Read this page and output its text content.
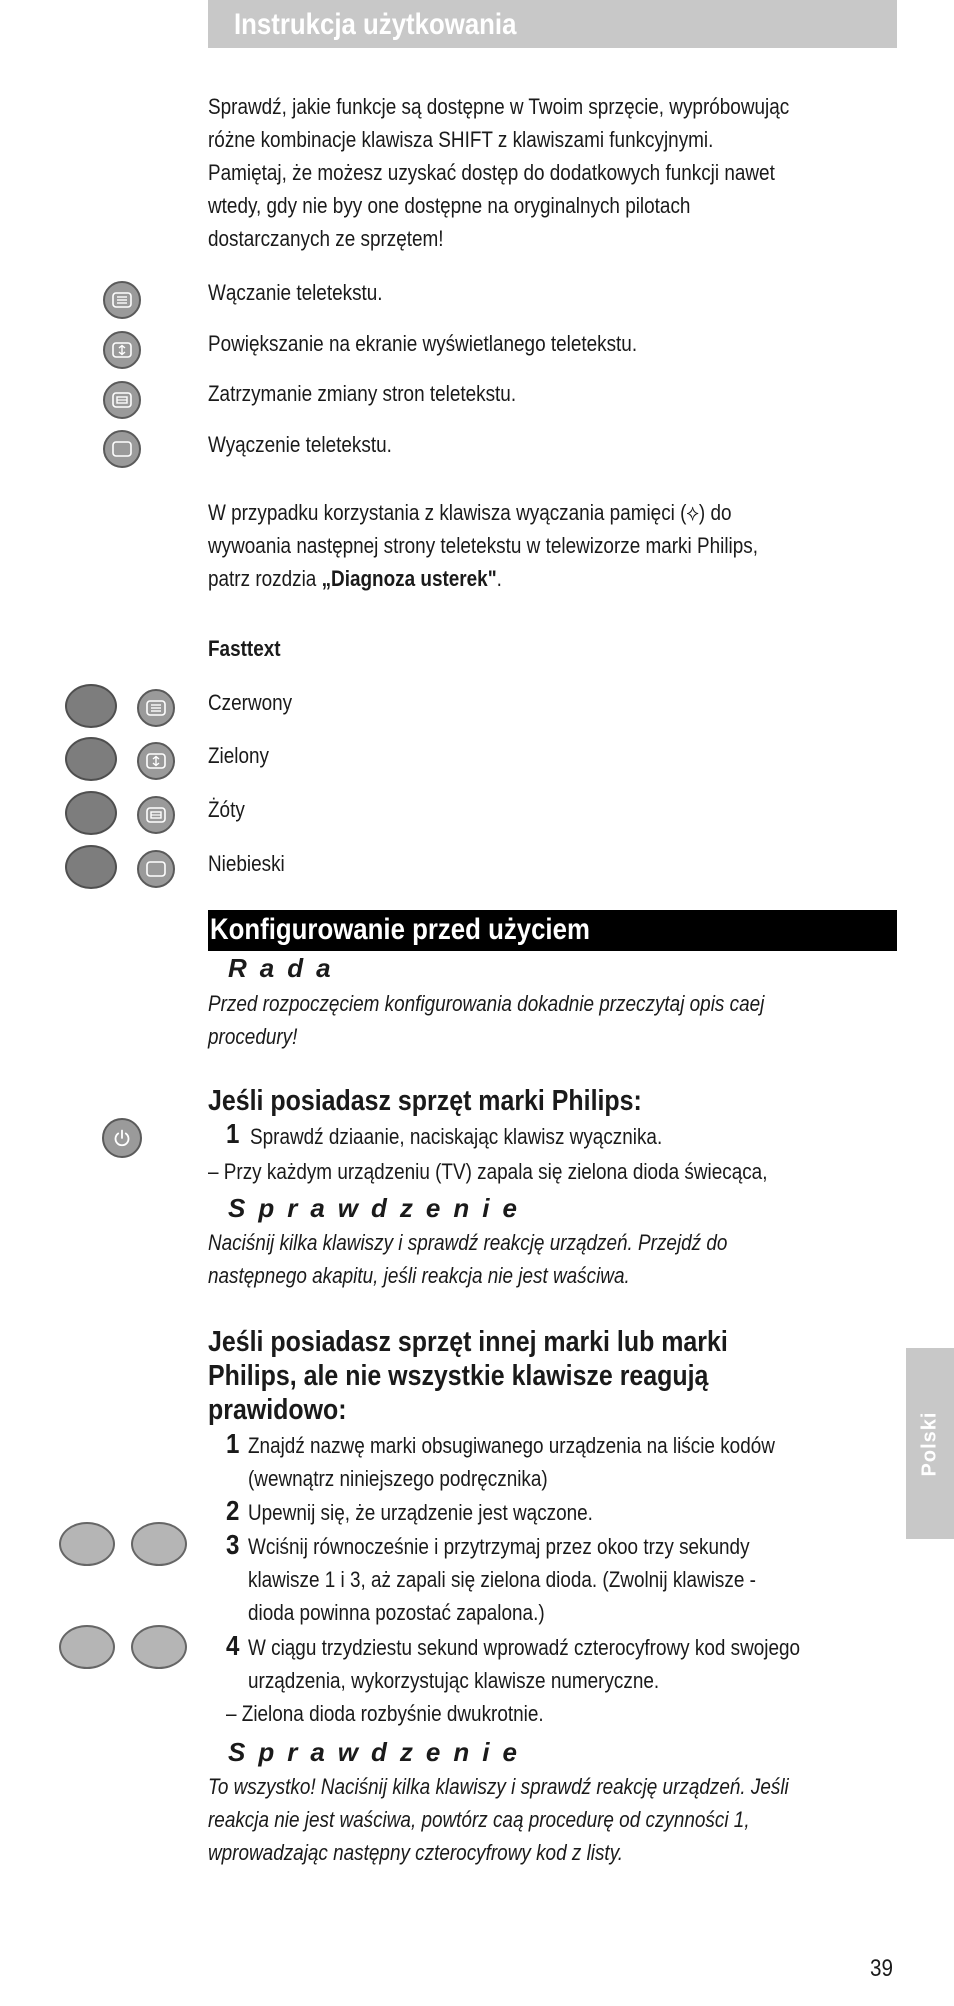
Instrukcja użytkowania
Sprawdź, jakie funkcje są dostępne w Twoim sprzęcie, wypróbowując
różne kombinacje klawisza SHIFT z klawiszami funkcyjnymi.
Pamiętaj, że możesz uzyskać dostęp do dodatkowych funkcji nawet
wtedy, gdy nie byy one dostępne na oryginalnych pilotach
dostarczanych ze sprzętem!
Wączanie teletekstu.
Powiększanie na ekranie wyświetlanego teletekstu.
Zatrzymanie zmiany stron teletekstu.
Wyączenie teletekstu.
W przypadku korzystania z klawisza wyączania pamięci (⟡) do
wywoania następnej strony teletekstu w telewizorze marki Philips,
patrz rozdzia „Diagnoza usterek".
Fasttext
Czerwony
Zielony
Żóty
Niebieski
Konfigurowanie przed użyciem
Rada
Przed rozpoczęciem konfigurowania dokadnie przeczytaj opis caej
procedury!
Jeśli posiadasz sprzęt marki Philips:
1 Sprawdź dziaanie, naciskając klawisz wyącznika.
– Przy każdym urządzeniu (TV) zapala się zielona dioda świecąca,
Sprawdzenie
Naciśnij kilka klawiszy i sprawdź reakcję urządzeń. Przejdź do
następnego akapitu, jeśli reakcja nie jest waściwa.
Jeśli posiadasz sprzęt innej marki lub marki
Philips, ale nie wszystkie klawisze reagują
prawidowo:
1 Znajdź nazwę marki obsugiwanego urządzenia na liście kodów
(wewnątrz niniejszego podręcznika)
2 Upewnij się, że urządzenie jest wączone.
3 Wciśnij równocześnie i przytrzymaj przez okoo trzy sekundy
klawisze 1 i 3, aż zapali się zielona dioda. (Zwolnij klawisze -
dioda powinna pozostać zapalona.)
4 W ciągu trzydziestu sekund wprowadź czterocyfrowy kod swojego
urządzenia, wykorzystując klawisze numeryczne.
– Zielona dioda rozbyśnie dwukrotnie.
Sprawdzenie
To wszystko! Naciśnij kilka klawiszy i sprawdź reakcję urządzeń. Jeśli
reakcja nie jest waściwa, powtórz caą procedurę od czynności 1,
wprowadzając następny czterocyfrowy kod z listy.
Polski
39
